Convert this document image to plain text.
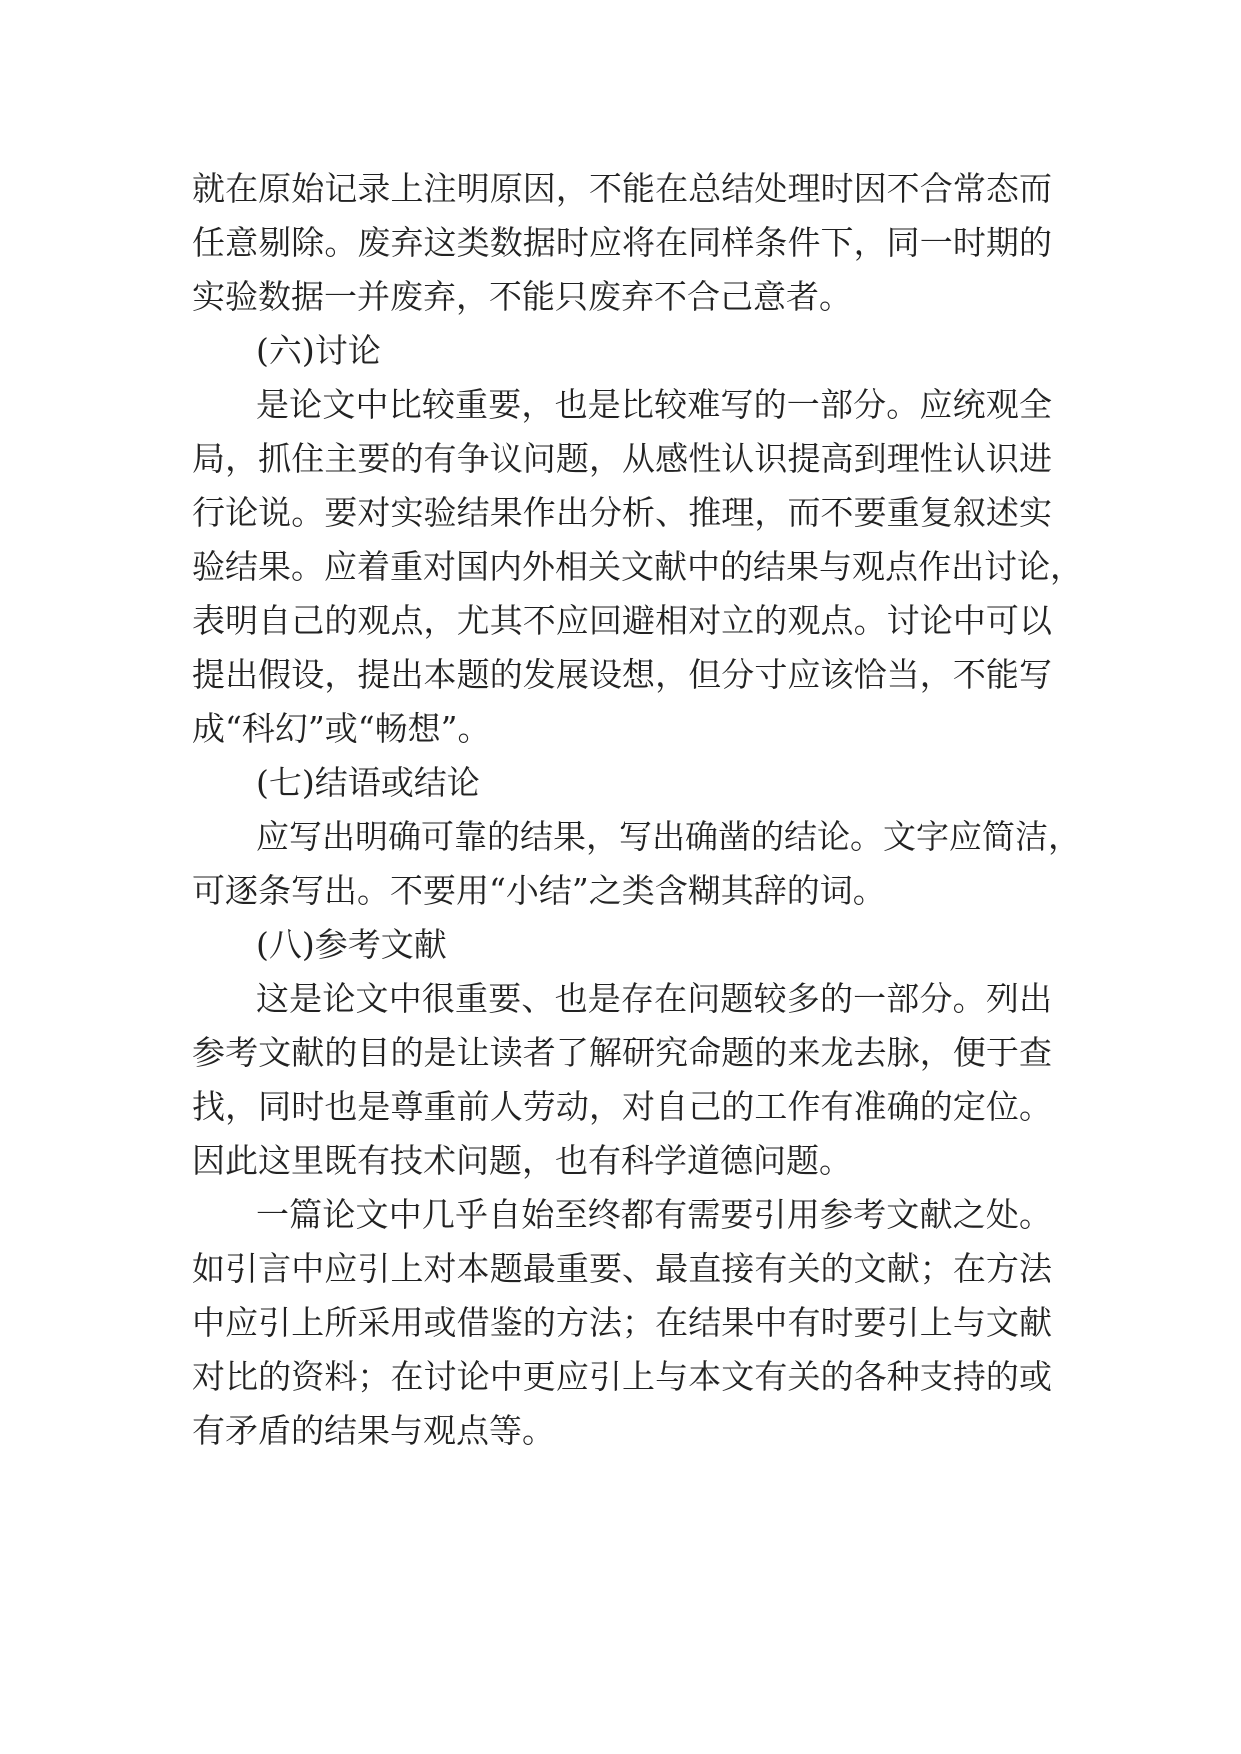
就在原始记录上注明原因，不能在总结处理时因不合常态而
任意剔除。废弃这类数据时应将在同样条件下，同一时期的
实验数据一并废弃，不能只废弃不合己意者。
(六)讨论
是论文中比较重要，也是比较难写的一部分。应统观全
局，抓住主要的有争议问题，从感性认识提高到理性认识进
行论说。要对实验结果作出分析、推理，而不要重复叙述实
验结果。应着重对国内外相关文献中的结果与观点作出讨论，
表明自己的观点，尤其不应回避相对立的观点。讨论中可以
提出假设，提出本题的发展设想，但分寸应该恰当，不能写
成“科幻”或“畅想”。
(七)结语或结论
应写出明确可靠的结果，写出确凿的结论。文字应简洁，
可逐条写出。不要用“小结”之类含糊其辞的词。
(八)参考文献
这是论文中很重要、也是存在问题较多的一部分。列出
参考文献的目的是让读者了解研究命题的来龙去脉，便于查
找，同时也是尊重前人劳动，对自己的工作有准确的定位。
因此这里既有技术问题，也有科学道德问题。
一篇论文中几乎自始至终都有需要引用参考文献之处。
如引言中应引上对本题最重要、最直接有关的文献；在方法
中应引上所采用或借鉴的方法；在结果中有时要引上与文献
对比的资料；在讨论中更应引上与本文有关的各种支持的或
有矛盾的结果与观点等。
